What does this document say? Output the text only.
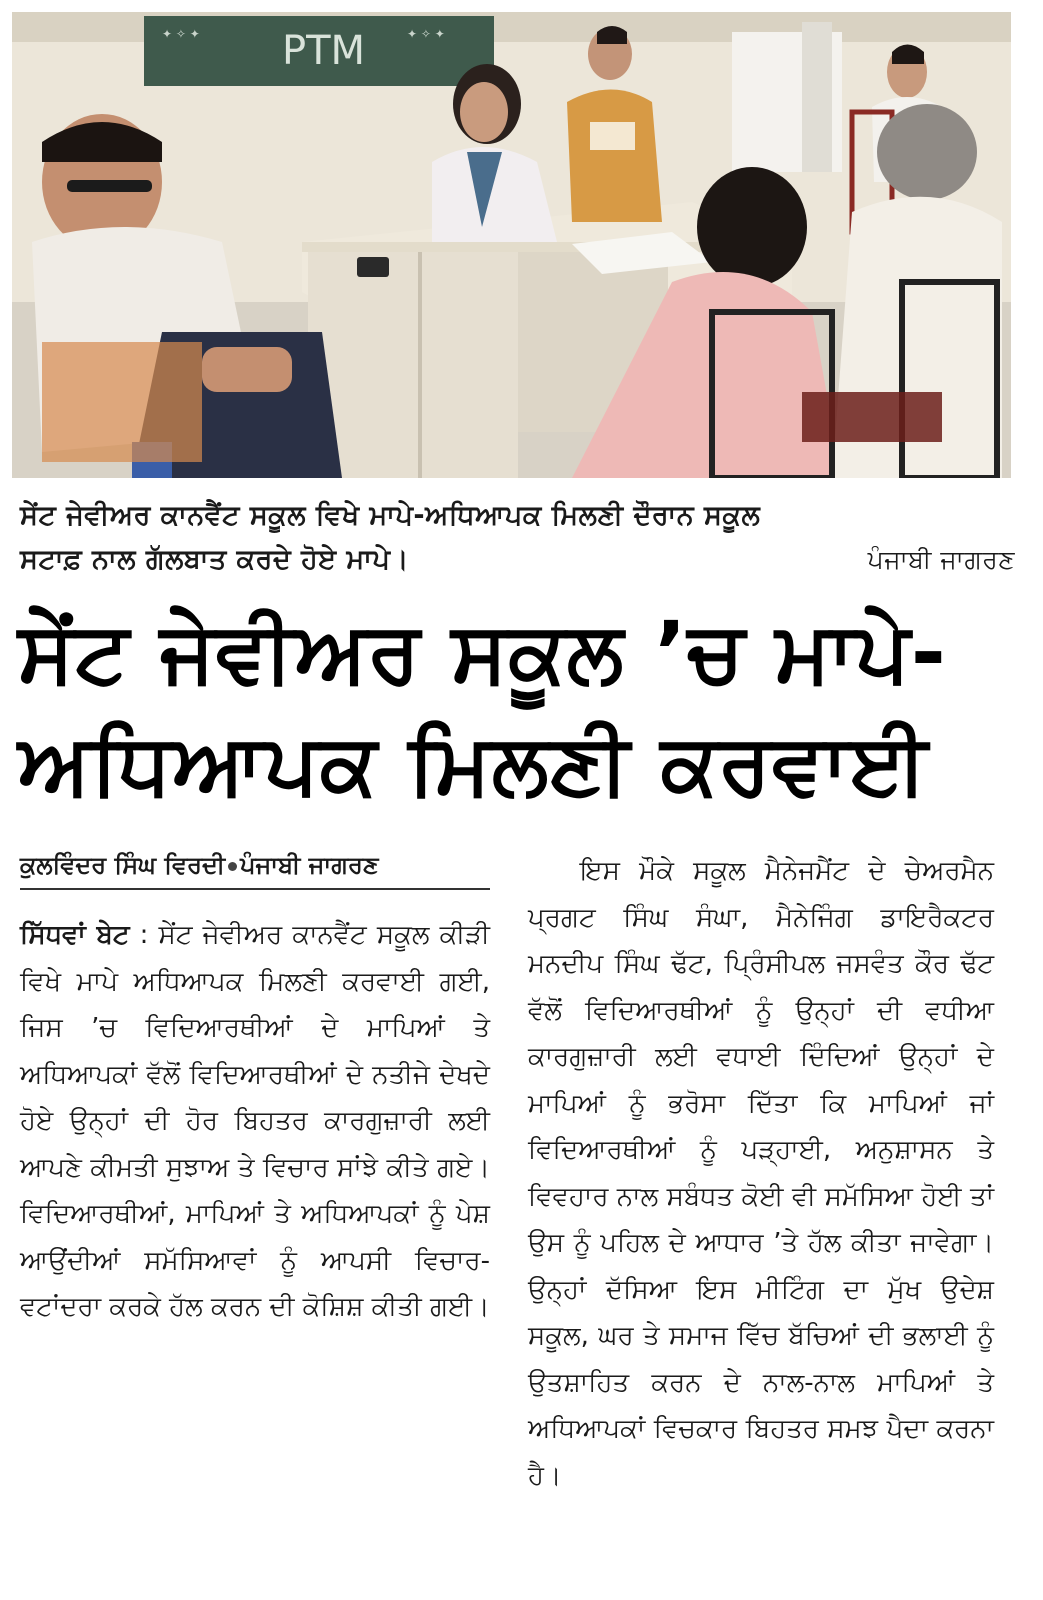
PTM
✦ ✧ ✦	✦ ✧ ✦
ਸੇਂਟ ਜੇਵੀਅਰ ਕਾਨਵੈਂਟ ਸਕੂਲ ਵਿਖੇ ਮਾਪੇ-ਅਧਿਆਪਕ ਮਿਲਣੀ ਦੌਰਾਨ ਸਕੂਲ
ਸਟਾਫ਼ ਨਾਲ ਗੱਲਬਾਤ ਕਰਦੇ ਹੋਏ ਮਾਪੇ।	ਪੰਜਾਬੀ ਜਾਗਰਣ
ਸੇਂਟ ਜੇਵੀਅਰ ਸਕੂਲ ’ਚ ਮਾਪੇ-
ਅਧਿਆਪਕ ਮਿਲਣੀ ਕਰਵਾਈ
ਕੁਲਵਿੰਦਰ ਸਿੰਘ ਵਿਰਦੀ ਪੰਜਾਬੀ ਜਾਗਰਣ

ਸਿੱਧਵਾਂ ਬੇਟ : ਸੇਂਟ ਜੇਵੀਅਰ ਕਾਨਵੈਂਟ ਸਕੂਲ ਕੀੜੀ ਵਿਖੇ ਮਾਪੇ ਅਧਿਆਪਕ ਮਿਲਣੀ ਕਰਵਾਈ ਗਈ, ਜਿਸ ’ਚ ਵਿਦਿਆਰਥੀਆਂ ਦੇ ਮਾਪਿਆਂ ਤੇ ਅਧਿਆਪਕਾਂ ਵੱਲੋਂ ਵਿਦਿਆਰਥੀਆਂ ਦੇ ਨਤੀਜੇ ਦੇਖਦੇ ਹੋਏ ਉਨ੍ਹਾਂ ਦੀ ਹੋਰ ਬਿਹਤਰ ਕਾਰਗੁਜ਼ਾਰੀ ਲਈ ਆਪਣੇ ਕੀਮਤੀ ਸੁਝਾਅ ਤੇ ਵਿਚਾਰ ਸਾਂਝੇ ਕੀਤੇ ਗਏ। ਵਿਦਿਆਰਥੀਆਂ, ਮਾਪਿਆਂ ਤੇ ਅਧਿਆਪਕਾਂ ਨੂੰ ਪੇਸ਼ ਆਉਂਦੀਆਂ ਸਮੱਸਿਆਵਾਂ ਨੂੰ ਆਪਸੀ ਵਿਚਾਰ-ਵਟਾਂਦਰਾ ਕਰਕੇ ਹੱਲ ਕਰਨ ਦੀ ਕੋਸ਼ਿਸ਼ ਕੀਤੀ ਗਈ।

ਇਸ ਮੌਕੇ ਸਕੂਲ ਮੈਨੇਜਮੈਂਟ ਦੇ ਚੇਅਰਮੈਨ ਪ੍ਰਗਟ ਸਿੰਘ ਸੰਘਾ, ਮੈਨੇਜਿੰਗ ਡਾਇਰੈਕਟਰ ਮਨਦੀਪ ਸਿੰਘ ਢੱਟ, ਪ੍ਰਿੰਸੀਪਲ ਜਸਵੰਤ ਕੌਰ ਢੱਟ ਵੱਲੋਂ ਵਿਦਿਆਰਥੀਆਂ ਨੂੰ ਉਨ੍ਹਾਂ ਦੀ ਵਧੀਆ ਕਾਰਗੁਜ਼ਾਰੀ ਲਈ ਵਧਾਈ ਦਿੰਦਿਆਂ ਉਨ੍ਹਾਂ ਦੇ ਮਾਪਿਆਂ ਨੂੰ ਭਰੋਸਾ ਦਿੱਤਾ ਕਿ ਮਾਪਿਆਂ ਜਾਂ ਵਿਦਿਆਰਥੀਆਂ ਨੂੰ ਪੜ੍ਹਾਈ, ਅਨੁਸ਼ਾਸਨ ਤੇ ਵਿਵਹਾਰ ਨਾਲ ਸਬੰਧਤ ਕੋਈ ਵੀ ਸਮੱਸਿਆ ਹੋਈ ਤਾਂ ਉਸ ਨੂੰ ਪਹਿਲ ਦੇ ਆਧਾਰ ’ਤੇ ਹੱਲ ਕੀਤਾ ਜਾਵੇਗਾ। ਉਨ੍ਹਾਂ ਦੱਸਿਆ ਇਸ ਮੀਟਿੰਗ ਦਾ ਮੁੱਖ ਉਦੇਸ਼ ਸਕੂਲ, ਘਰ ਤੇ ਸਮਾਜ ਵਿੱਚ ਬੱਚਿਆਂ ਦੀ ਭਲਾਈ ਨੂੰ ਉਤਸ਼ਾਹਿਤ ਕਰਨ ਦੇ ਨਾਲ-ਨਾਲ ਮਾਪਿਆਂ ਤੇ ਅਧਿਆਪਕਾਂ ਵਿਚਕਾਰ ਬਿਹਤਰ ਸਮਝ ਪੈਦਾ ਕਰਨਾ ਹੈ।
